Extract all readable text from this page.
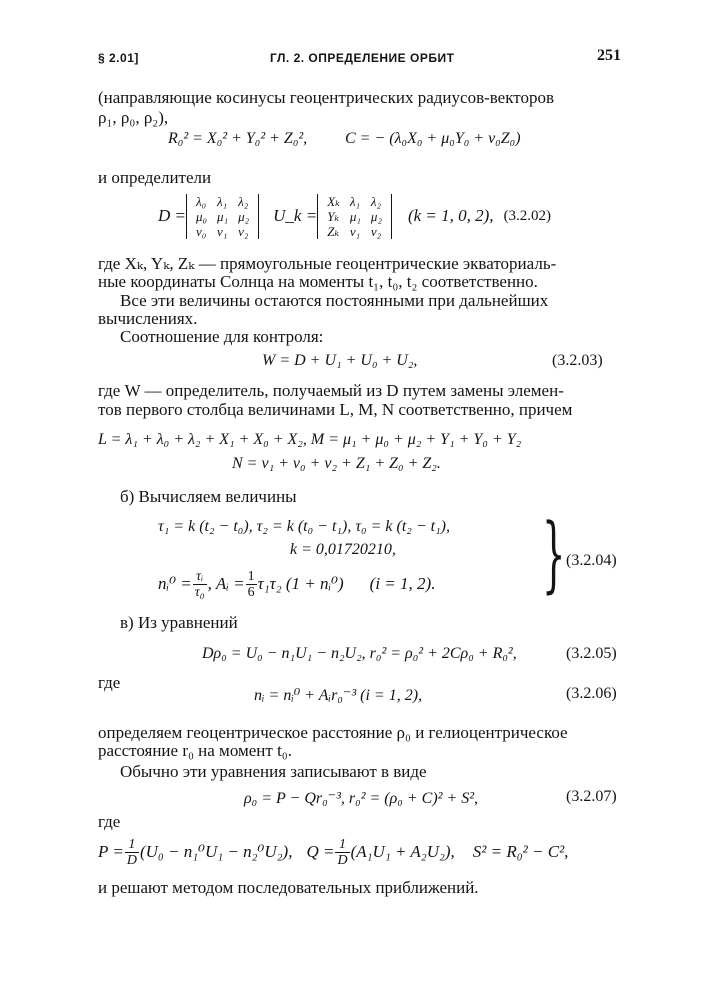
§ 2.01]	ГЛ. 2. ОПРЕДЕЛЕНИЕ ОРБИТ	251
(направляющие косинусы геоцентрических радиусов-векторов
ρ₁, ρ₀, ρ₂),
R₀² = X₀² + Y₀² + Z₀², C = − (λ₀X₀ + μ₀Y₀ + ν₀Z₀)
и определители
D =
λ₀	λ₁	λ₂
μ₀	μ₁	μ₂
ν₀	ν₁	ν₂
U_k =
Xₖ	λ₁	λ₂
Yₖ	μ₁	μ₂
Zₖ	ν₁	ν₂
(k = 1, 0, 2), (3.2.02)
где Xₖ, Yₖ, Zₖ — прямоугольные геоцентрические экваториаль-
ные координаты Солнца на моменты t₁, t₀, t₂ соответственно.
Все эти величины остаются постоянными при дальнейших
вычислениях.
Соотношение для контроля:
W = D + U₁ + U₀ + U₂,	(3.2.03)
где W — определитель, получаемый из D путем замены элемен-
тов первого столбца величинами L, M, N соответственно, причем
L = λ₁ + λ₀ + λ₂ + X₁ + X₀ + X₂, M = μ₁ + μ₀ + μ₂ + Y₁ + Y₀ + Y₂
N = ν₁ + ν₀ + ν₂ + Z₁ + Z₀ + Z₂.
б) Вычисляем величины
τ₁ = k (t₂ − t₀), τ₂ = k (t₀ − t₁), τ₀ = k (t₂ − t₁),
k = 0,01720210,
nᵢ⁰ = $\frac{\text{τᵢ}}{\text{τ₀}}$ , Aᵢ = $\frac{1}{6} \tau_1\tau_2$ (1 + nᵢ⁰) (i = 1, 2). } (3.2.04)
в) Из уравнений
Dρ₀ = U₀ − n₁U₁ − n₂U₂, r₀² = ρ₀² + 2Cρ₀ + R₀²,	(3.2.05)
где
nᵢ = nᵢ⁰ + Aᵢr₀⁻³ (i = 1, 2),	(3.2.06)
определяем геоцентрическое расстояние ρ₀ и гелиоцентрическое
расстояние r₀ на момент t₀.
Обычно эти уравнения записывают в виде
ρ₀ = P − Qr₀⁻³, r₀² = (ρ₀ + C)² + S²,	(3.2.07)
где
$P = \frac{1}{D} (U_0 - n_1^0U_1 - n_2^0U_2)$, $Q = \frac{1}{D} (A_1U_1 + A_2U_2)$, S² = R₀² − C²,
и решают методом последовательных приближений.
